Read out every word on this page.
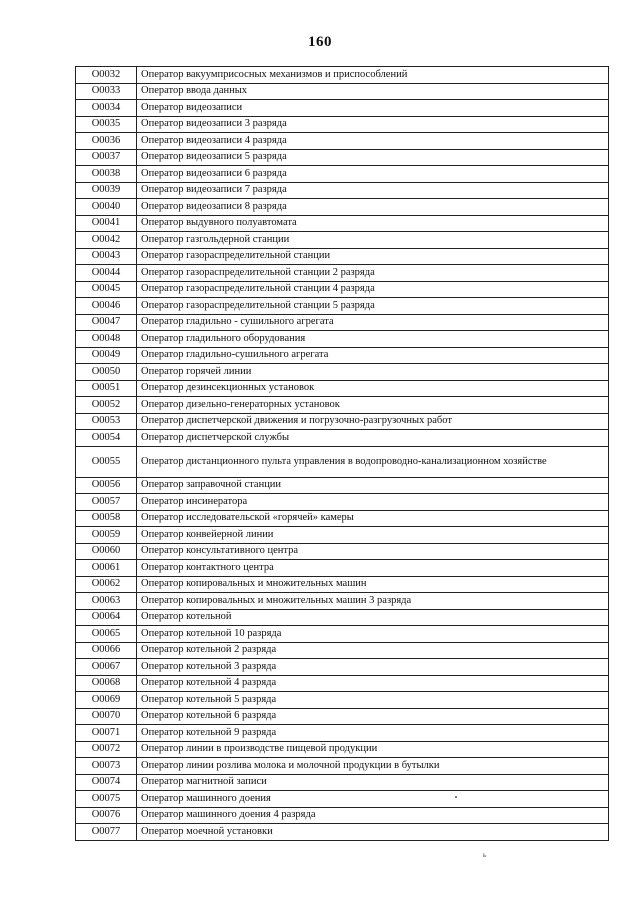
160
O0032	Оператор вакуумприсосных механизмов и приспособлений
O0033	Оператор ввода данных
O0034	Оператор видеозаписи
O0035	Оператор видеозаписи 3 разряда
O0036	Оператор видеозаписи 4 разряда
O0037	Оператор видеозаписи 5 разряда
O0038	Оператор видеозаписи 6 разряда
O0039	Оператор видеозаписи 7 разряда
O0040	Оператор видеозаписи 8 разряда
O0041	Оператор выдувного полуавтомата
O0042	Оператор газгольдерной станции
O0043	Оператор газораспределительной станции
O0044	Оператор газораспределительной станции 2 разряда
O0045	Оператор газораспределительной станции 4 разряда
O0046	Оператор газораспределительной станции 5 разряда
O0047	Оператор гладильно - сушильного агрегата
O0048	Оператор гладильного оборудования
O0049	Оператор гладильно-сушильного агрегата
O0050	Оператор горячей линии
O0051	Оператор дезинсекционных установок
O0052	Оператор дизельно-генераторных установок
O0053	Оператор диспетчерской движения и погрузочно-разгрузочных работ
O0054	Оператор диспетчерской службы
O0055	Оператор дистанционного пульта управления в водопроводно-канализационном хозяйстве
O0056	Оператор заправочной станции
O0057	Оператор инсинератора
O0058	Оператор исследовательской «горячей» камеры
O0059	Оператор конвейерной линии
O0060	Оператор консультативного центра
O0061	Оператор контактного центра
O0062	Оператор копировальных и множительных машин
O0063	Оператор копировальных и множительных машин 3 разряда
O0064	Оператор котельной
O0065	Оператор котельной 10 разряда
O0066	Оператор котельной 2 разряда
O0067	Оператор котельной 3 разряда
O0068	Оператор котельной 4 разряда
O0069	Оператор котельной 5 разряда
O0070	Оператор котельной 6 разряда
O0071	Оператор котельной 9 разряда
O0072	Оператор линии в производстве пищевой продукции
O0073	Оператор линии розлива молока и молочной продукции в бутылки
O0074	Оператор магнитной записи
O0075	Оператор машинного доения
O0076	Оператор машинного доения 4 разряда
O0077	Оператор моечной установки
ь
